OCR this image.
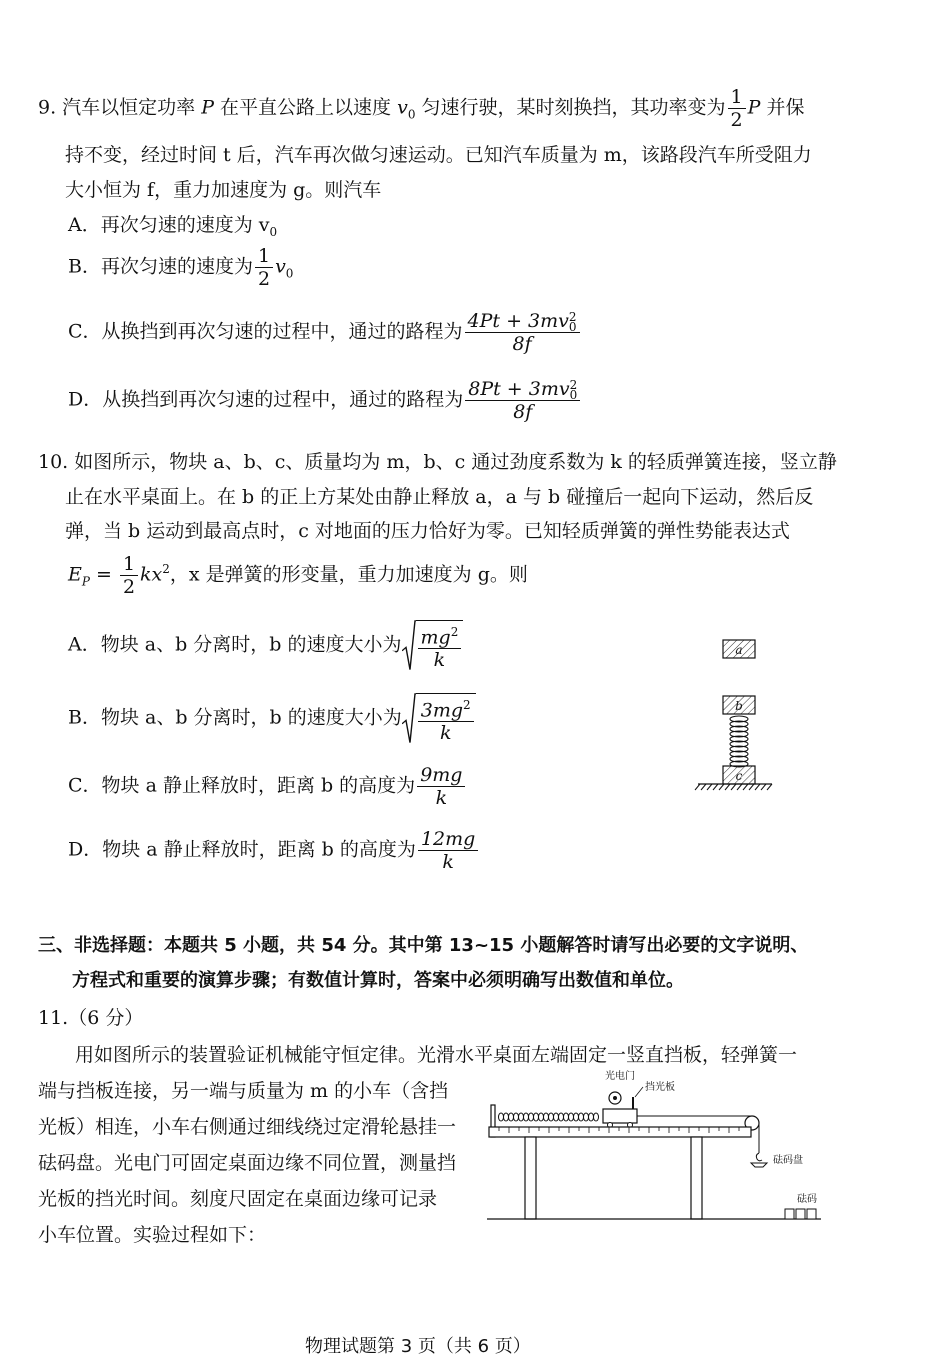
9. 汽车以恒定功率 P 在平直公路上以速度 $v_0$ 匀速行驶，某时刻换挡，其功率变为 $\frac{1}{2}$ P 并保
持不变，经过时间 t 后，汽车再次做匀速运动。已知汽车质量为 m，该路段汽车所受阻力
大小恒为 f，重力加速度为 g。则汽车
A．再次匀速的速度为 $v_0$
B．再次匀速的速度为 $\frac{1}{2} v_0$
C．从换挡到再次匀速的过程中，通过的路程为 4Pt + 3mv 2
0
8f
D．从换挡到再次匀速的过程中，通过的路程为 8Pt + 3mv 2
0
8f
10. 如图所示，物块 a、b、c、质量均为 m，b、c 通过劲度系数为 k 的轻质弹簧连接，竖立静
止在水平桌面上。在 b 的正上方某处由静止释放 a，a 与 b 碰撞后一起向下运动，然后反
弹，当 b 运动到最高点时，c 对地面的压力恰好为零。已知轻质弹簧的弹性势能表达式
$E_P = \frac{1}{2} kx^2$，x 是弹簧的形变量，重力加速度为 g。则
A．物块 a、b 分离时，b 的速度大小为 $\frac{mg^2}{k}$
B．物块 a、b 分离时，b 的速度大小为 $\frac{3mg^2}{k}$
C．物块 a 静止释放时，距离 b 的高度为 $\frac{9mg}{k}$
D．物块 a 静止释放时，距离 b 的高度为 $\frac{12mg}{k}$
a
b
c
三、非选择题：本题共 5 小题，共 54 分。其中第 13~15 小题解答时请写出必要的文字说明、
方程式和重要的演算步骤；有数值计算时，答案中必须明确写出数值和单位。
11.（6 分）
用如图所示的装置验证机械能守恒定律。光滑水平桌面左端固定一竖直挡板，轻弹簧一
端与挡板连接，另一端与质量为 m 的小车（含挡
光板）相连，小车右侧通过细线绕过定滑轮悬挂一
砝码盘。光电门可固定桌面边缘不同位置，测量挡
光板的挡光时间。刻度尺固定在桌面边缘可记录
小车位置。实验过程如下：
光电门
挡光板
砝码盘
砝码
物理试题第 3 页（共 6 页）
